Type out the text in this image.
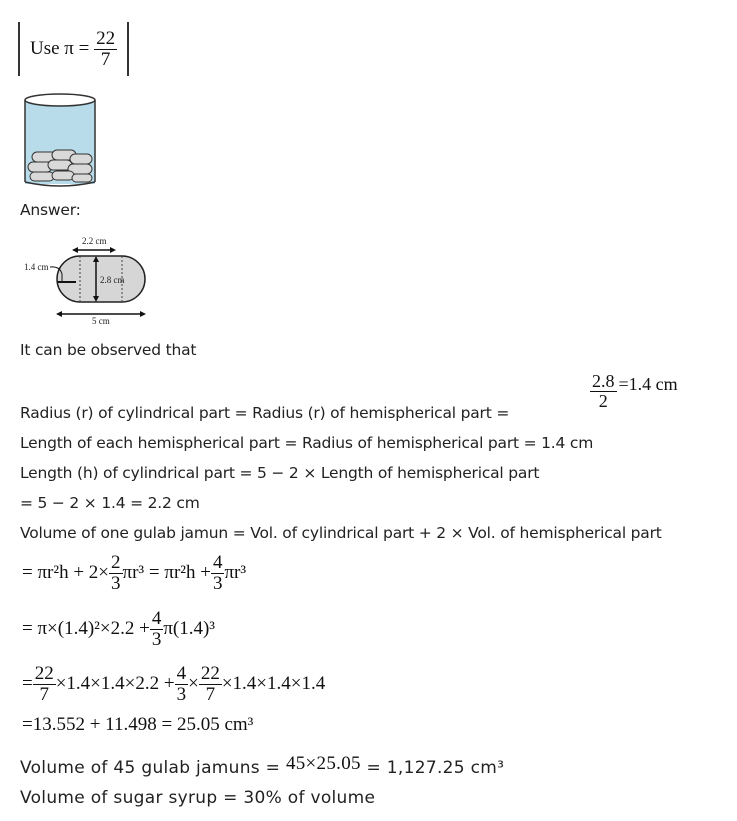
Use π =
$\frac{22}{7}$
Answer:
2.2 cm
2.8 cm
1.4 cm
5 cm
It can be observed that
Radius (r) of cylindrical part = Radius (r) of hemispherical part =
$\frac{2.8}{2} =1.4$ cm
Length of each hemispherical part = Radius of hemispherical part = 1.4 cm
Length (h) of cylindrical part = 5 − 2 × Length of hemispherical part
= 5 − 2 × 1.4 = 2.2 cm
Volume of one gulab jamun = Vol. of cylindrical part + 2 × Vol. of hemispherical part
= $\pi r^2h + 2\times \frac{2}{3} \pi r^3 = \pi r^2h + \frac{4}{3} \pi r^3$
= $\pi\times(1.4)^2\times 2.2 + \frac{4}{3} \pi(1.4)^3$
= $\frac{22}{7} \times 1.4\times 1.4\times 2.2 + \frac{4}{3} \times \frac{22}{7} \times 1.4\times 1.4\times 1.4$
=13.552 + 11.498 = 25.05 cm³
Volume of 45 gulab jamuns = 45×25.05 = 1,127.25 cm³
Volume of sugar syrup = 30% of volume
